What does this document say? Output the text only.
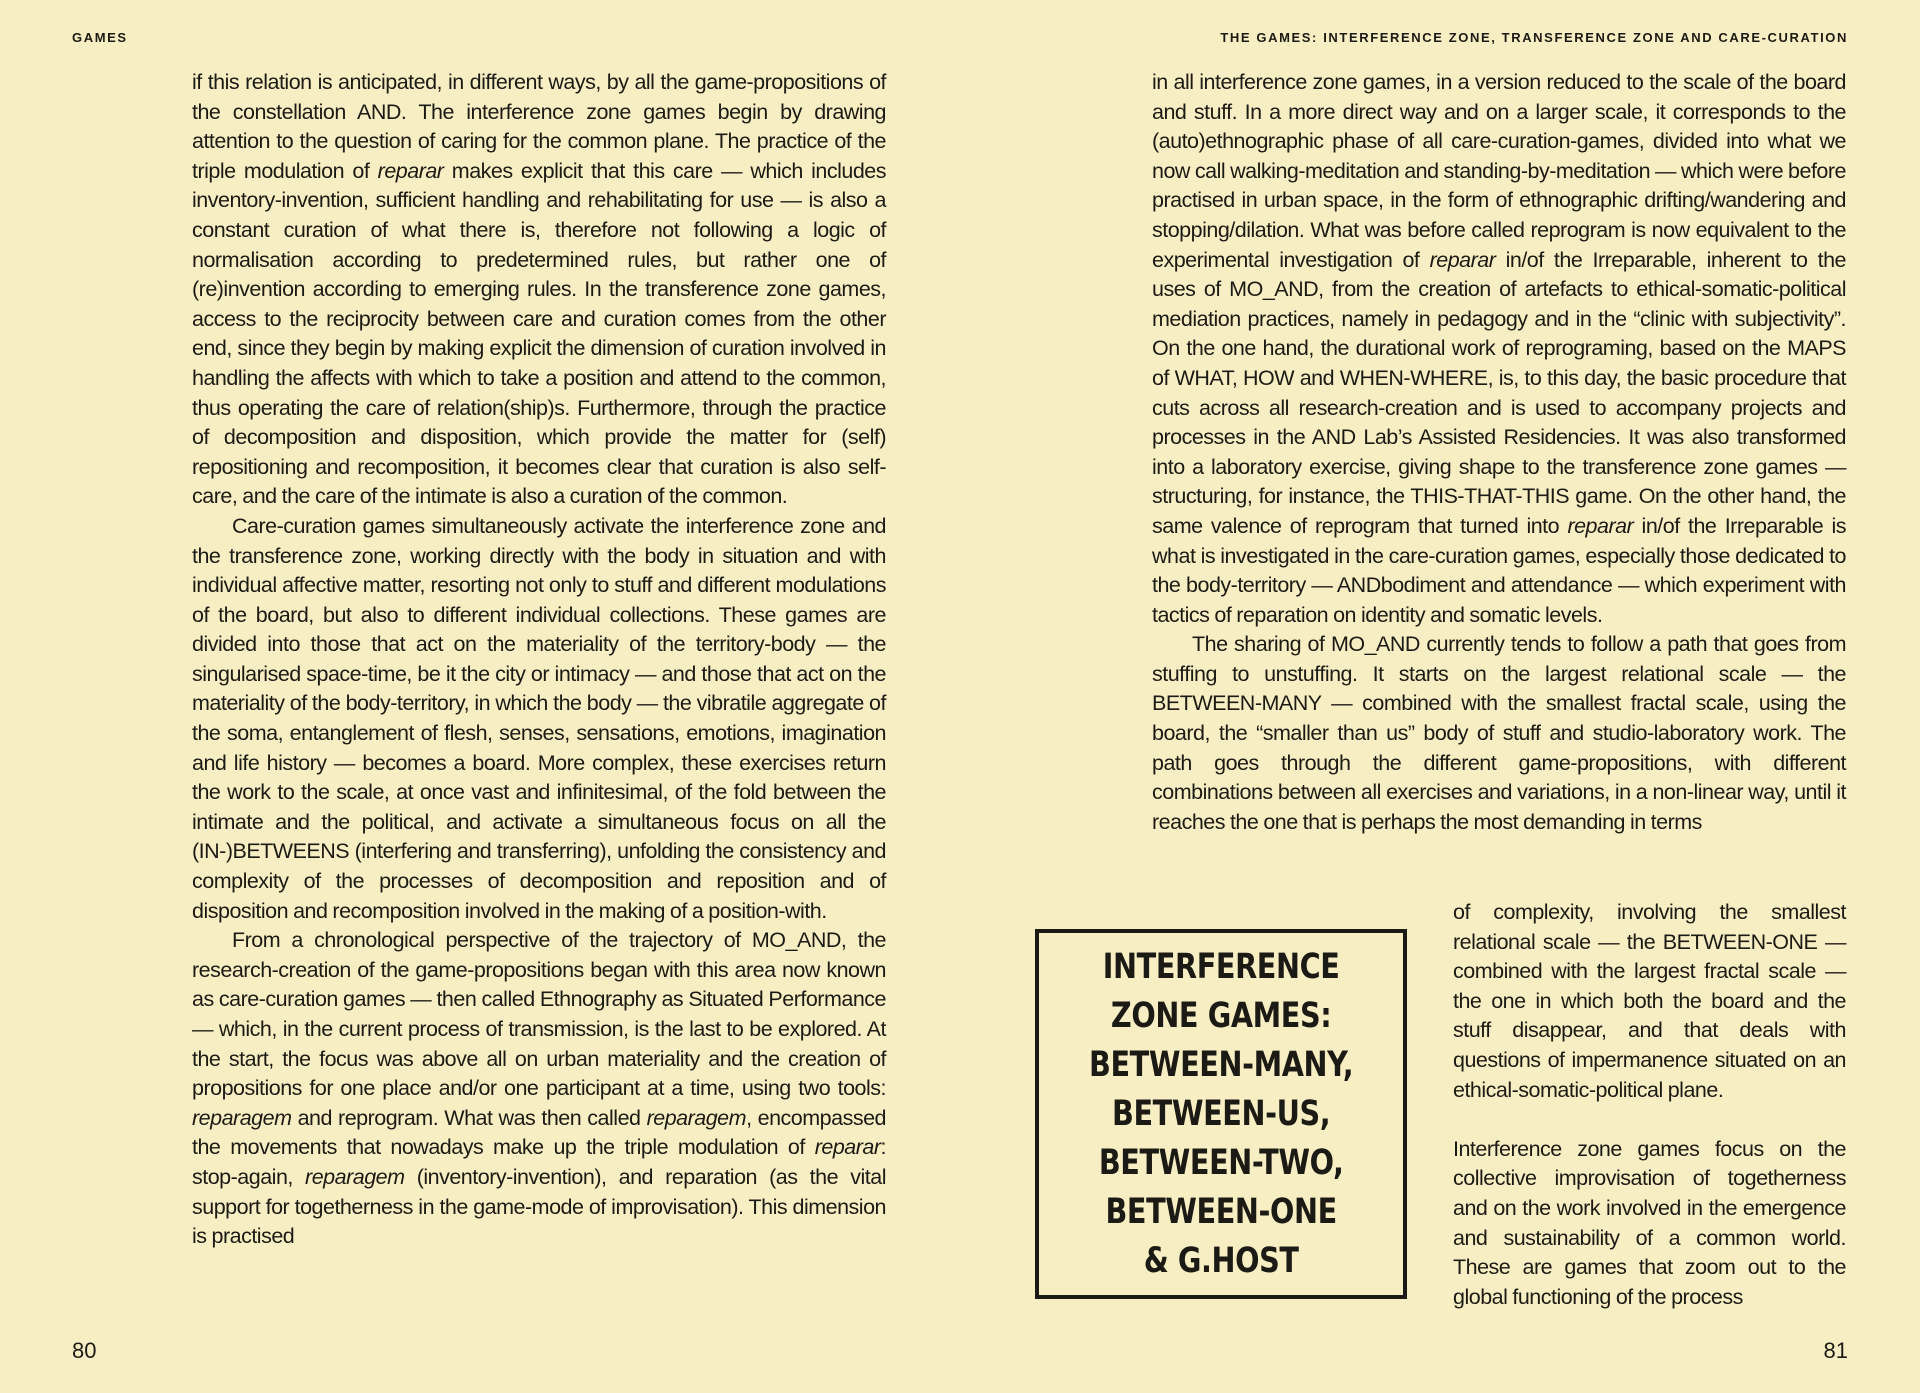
GAMES	THE GAMES: INTERFERENCE ZONE, TRANSFERENCE ZONE AND CARE-CURATION

if this relation is anticipated, in different ways, by all the game-propositions of the constellation AND. The interference zone games begin by drawing attention to the question of caring for the common plane. The practice of the triple modulation of reparar makes explicit that this care — which includes inventory-invention, sufficient handling and rehabilitating for use — is also a constant curation of what there is, therefore not following a logic of normalisation according to predetermined rules, but rather one of (re)invention according to emerging rules. In the transference zone games, access to the reciprocity between care and curation comes from the other end, since they begin by making explicit the dimension of curation involved in handling the affects with which to take a position and attend to the common, thus operating the care of relation(ship)s. Furthermore, through the practice of decomposition and disposition, which provide the matter for (self) repositioning and recomposition, it becomes clear that curation is also self-care, and the care of the intimate is also a curation of the common.

Care-curation games simultaneously activate the interference zone and the transference zone, working directly with the body in situation and with individual affective matter, resorting not only to stuff and different modulations of the board, but also to different individual collections. These games are divided into those that act on the materiality of the territory-body — the singularised space-time, be it the city or intimacy — and those that act on the materiality of the body-territory, in which the body — the vibratile aggregate of the soma, entanglement of flesh, senses, sensations, emotions, imagination and life history — becomes a board. More complex, these exercises return the work to the scale, at once vast and infinitesimal, of the fold between the intimate and the political, and activate a simultaneous focus on all the (IN-)BETWEENS (interfering and transferring), unfolding the consistency and complexity of the processes of decomposition and reposition and of disposition and recomposition involved in the making of a position-with.

From a chronological perspective of the trajectory of MO_AND, the research-creation of the game-propositions began with this area now known as care-curation games — then called Ethnography as Situated Performance — which, in the current process of transmission, is the last to be explored. At the start, the focus was above all on urban materiality and the creation of propositions for one place and/or one participant at a time, using two tools: reparagem and reprogram. What was then called reparagem, encompassed the movements that nowadays make up the triple modulation of reparar: stop-again, reparagem (inventory-invention), and reparation (as the vital support for togetherness in the game-mode of improvisation). This dimension is practised

in all interference zone games, in a version reduced to the scale of the board and stuff. In a more direct way and on a larger scale, it corresponds to the (auto)ethnographic phase of all care-curation-games, divided into what we now call walking-meditation and standing-by-meditation — which were before practised in urban space, in the form of ethnographic drifting/wandering and stopping/dilation. What was before called reprogram is now equivalent to the experimental investigation of reparar in/of the Irreparable, inherent to the uses of MO_AND, from the creation of artefacts to ethical-somatic-political mediation practices, namely in pedagogy and in the “clinic with subjectivity”. On the one hand, the durational work of reprograming, based on the MAPS of WHAT, HOW and WHEN-WHERE, is, to this day, the basic procedure that cuts across all research-creation and is used to accompany projects and processes in the AND Lab’s Assisted Residencies. It was also transformed into a laboratory exercise, giving shape to the transference zone games — structuring, for instance, the THIS-THAT-THIS game. On the other hand, the same valence of reprogram that turned into reparar in/of the Irreparable is what is investigated in the care-curation games, especially those dedicated to the body-territory — ANDbodiment and attendance — which experiment with tactics of reparation on identity and somatic levels.

The sharing of MO_AND currently tends to follow a path that goes from stuffing to unstuffing. It starts on the largest relational scale — the BETWEEN-MANY — combined with the smallest fractal scale, using the board, the “smaller than us” body of stuff and studio-laboratory work. The path goes through the different game-propositions, with different combinations between all exercises and variations, in a non-linear way, until it reaches the one that is perhaps the most demanding in terms

INTERFERENCE
ZONE GAMES:
BETWEEN-MANY,
BETWEEN-US,
BETWEEN-TWO,
BETWEEN-ONE
& G.HOST

of complexity, involving the smallest relational scale — the BETWEEN-ONE — combined with the largest fractal scale — the one in which both the board and the stuff disappear, and that deals with questions of impermanence situated on an ethical-somatic-political plane.

Interference zone games focus on the collective improvisation of togetherness and on the work involved in the emergence and sustainability of a common world. These are games that zoom out to the global functioning of the process

80	81
